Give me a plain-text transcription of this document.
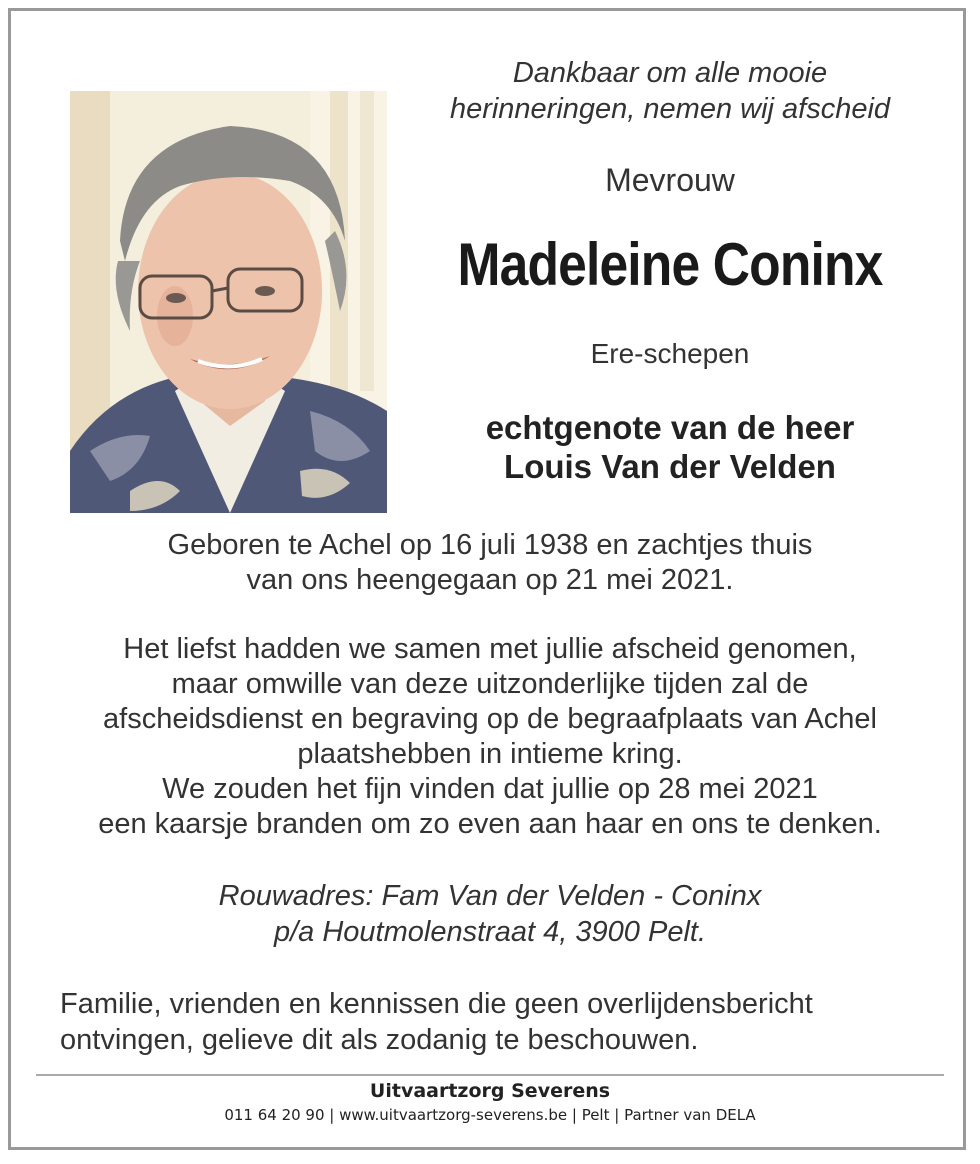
Dankbaar om alle mooie
herinneringen, nemen wij afscheid
Mevrouw
Madeleine Coninx
Ere-schepen
echtgenote van de heer
Louis Van der Velden
Geboren te Achel op 16 juli 1938 en zachtjes thuis
van ons heengegaan op 21 mei 2021.
Het liefst hadden we samen met jullie afscheid genomen,
maar omwille van deze uitzonderlijke tijden zal de
afscheidsdienst en begraving op de begraafplaats van Achel
plaatshebben in intieme kring.
We zouden het fijn vinden dat jullie op 28 mei 2021
een kaarsje branden om zo even aan haar en ons te denken.
Rouwadres: Fam Van der Velden - Coninx
p/a Houtmolenstraat 4, 3900 Pelt.
Familie, vrienden en kennissen die geen overlijdensbericht
ontvingen, gelieve dit als zodanig te beschouwen.
Uitvaartzorg Severens
011 64 20 90 | www.uitvaartzorg-severens.be | Pelt | Partner van DELA
